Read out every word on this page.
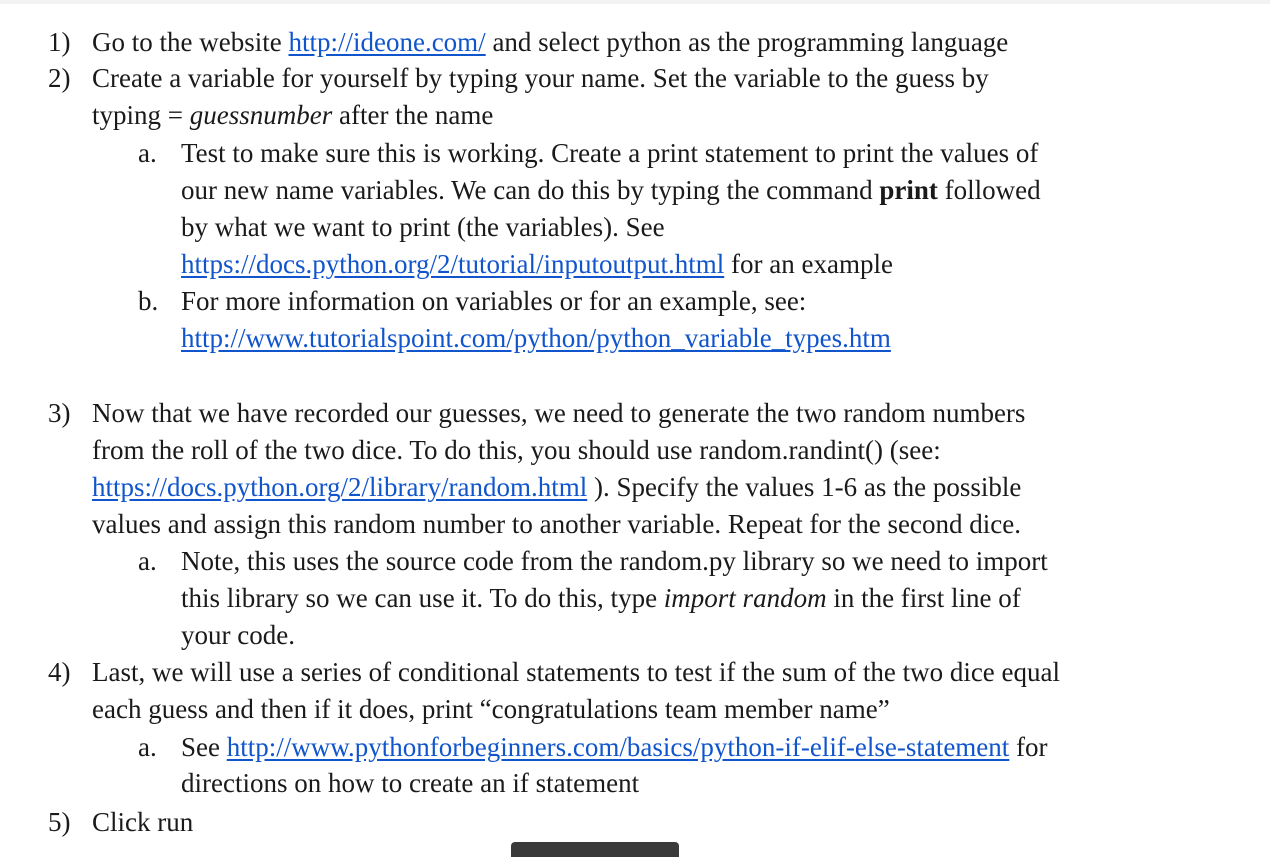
1) Go to the website http://ideone.com/ and select python as the programming language
2) Create a variable for yourself by typing your name. Set the variable to the guess by
typing = guessnumber after the name
a. Test to make sure this is working. Create a print statement to print the values of
our new name variables. We can do this by typing the command print followed
by what we want to print (the variables). See
https://docs.python.org/2/tutorial/inputoutput.html for an example
b. For more information on variables or for an example, see:
http://www.tutorialspoint.com/python/python_variable_types.htm
3) Now that we have recorded our guesses, we need to generate the two random numbers
from the roll of the two dice. To do this, you should use random.randint() (see:
https://docs.python.org/2/library/random.html ). Specify the values 1-6 as the possible
values and assign this random number to another variable. Repeat for the second dice.
a. Note, this uses the source code from the random.py library so we need to import
this library so we can use it. To do this, type import random in the first line of
your code.
4) Last, we will use a series of conditional statements to test if the sum of the two dice equal
each guess and then if it does, print “congratulations team member name”
a. See http://www.pythonforbeginners.com/basics/python-if-elif-else-statement for
directions on how to create an if statement
5) Click run
